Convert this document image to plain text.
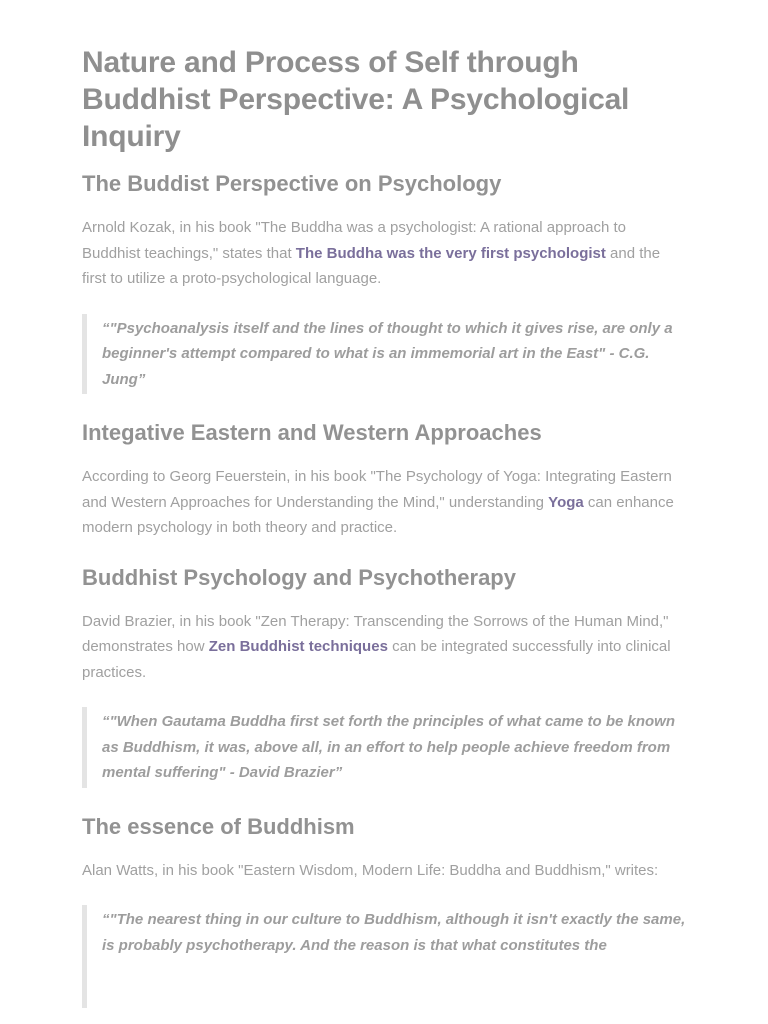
Nature and Process of Self through Buddhist Perspective: A Psychological Inquiry
The Buddist Perspective on Psychology

Arnold Kozak, in his book "The Buddha was a psychologist: A rational approach to Buddhist teachings," states that The Buddha was the very first psychologist and the first to utilize a proto-psychological language.

“"Psychoanalysis itself and the lines of thought to which it gives rise, are only a beginner's attempt compared to what is an immemorial art in the East" - C.G. Jung”
Integative Eastern and Western Approaches

According to Georg Feuerstein, in his book "The Psychology of Yoga: Integrating Eastern and Western Approaches for Understanding the Mind," understanding Yoga can enhance modern psychology in both theory and practice.

Buddhist Psychology and Psychotherapy

David Brazier, in his book "Zen Therapy: Transcending the Sorrows of the Human Mind," demonstrates how Zen Buddhist techniques can be integrated successfully into clinical practices.

“"When Gautama Buddha first set forth the principles of what came to be known as Buddhism, it was, above all, in an effort to help people achieve freedom from mental suffering" - David Brazier”
The essence of Buddhism

Alan Watts, in his book "Eastern Wisdom, Modern Life: Buddha and Buddhism," writes:

“"The nearest thing in our culture to Buddhism, although it isn't exactly the same, is probably psychotherapy. And the reason is that what constitutes the
